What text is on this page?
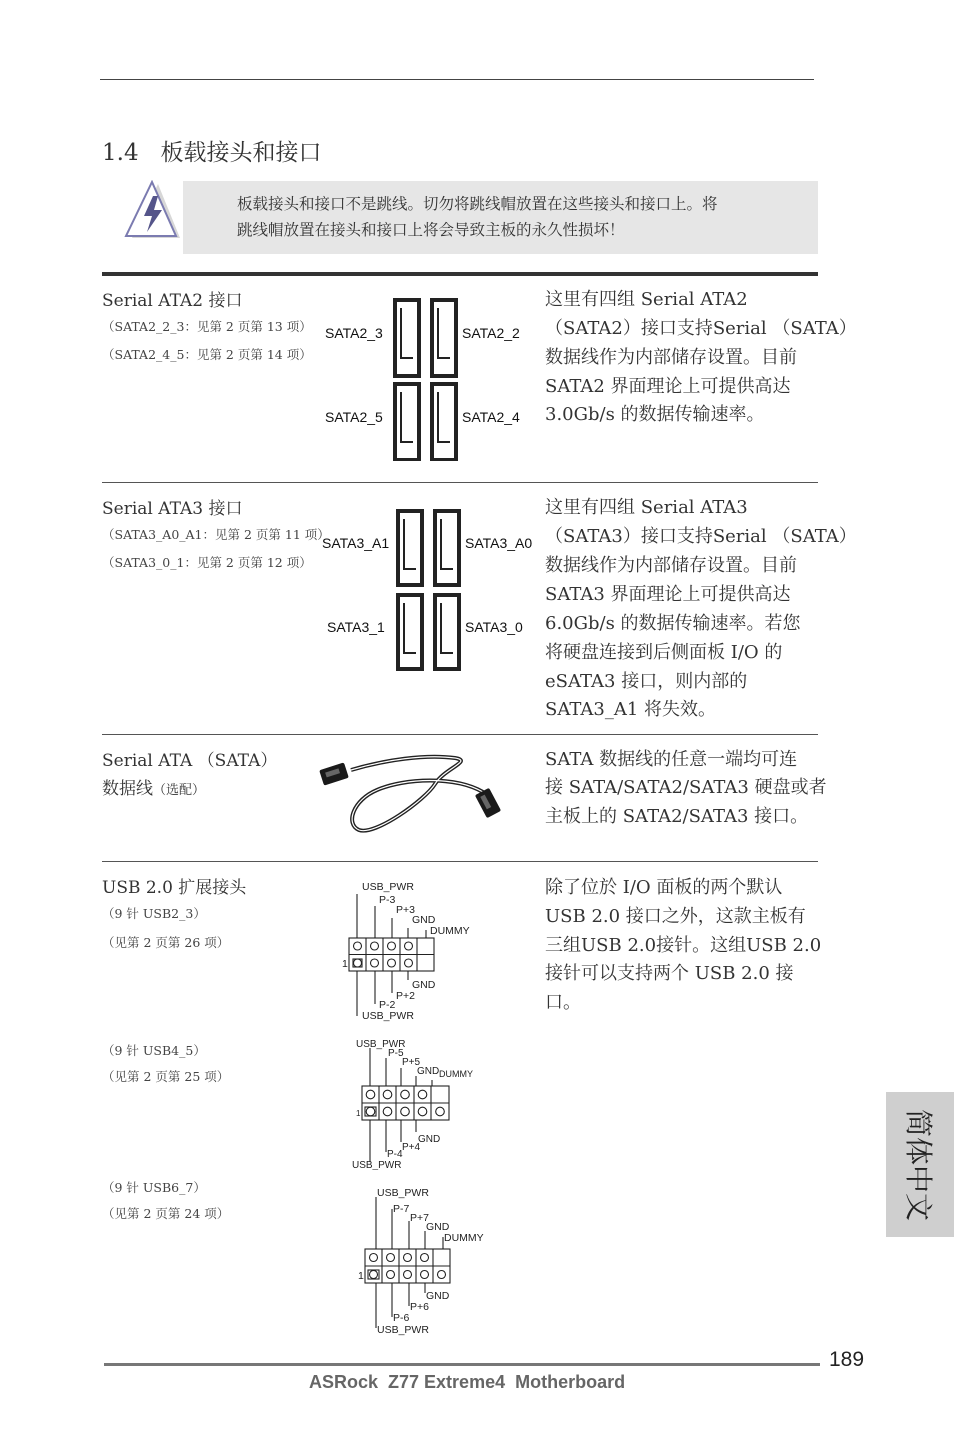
1.4 板载接头和接口
板载接头和接口不是跳线。切勿将跳线帽放置在这些接头和接口上。将
跳线帽放置在接头和接口上将会导致主板的永久性损坏！
Serial ATA2 接口
（SATA2_2_3：见第 2 页第 13 项）
（SATA2_4_5：见第 2 页第 14 项）
SATA2_3	SATA2_2
SATA2_5	SATA2_4
这里有四组 Serial ATA2
（SATA2）接口支持Serial （SATA）
数据线作为内部储存设置。目前
SATA2 界面理论上可提供高达
3.0Gb/s 的数据传输速率。
Serial ATA3 接口
（SATA3_A0_A1：见第 2 页第 11 项）
（SATA3_0_1：见第 2 页第 12 项）
SATA3_A1	SATA3_A0
SATA3_1	SATA3_0
这里有四组 Serial ATA3
（SATA3）接口支持Serial （SATA）
数据线作为内部储存设置。目前
SATA3 界面理论上可提供高达
6.0Gb/s 的数据传输速率。若您
将硬盘连接到后侧面板 I/O 的
eSATA3 接口，则内部的
SATA3_A1 将失效。
Serial ATA （SATA）
数据线（选配）
SATA 数据线的任意一端均可连
接 SATA/SATA2/SATA3 硬盘或者
主板上的 SATA2/SATA3 接口。
USB 2.0 扩展接头
（9 针 USB2_3）
（见第 2 页第 26 项）
（9 针 USB4_5）
（见第 2 页第 25 项）
（9 针 USB6_7）
（见第 2 页第 24 项）
除了位於 I/O 面板的两个默认
USB 2.0 接口之外，这款主板有
三组USB 2.0接针。这组USB 2.0
接针可以支持两个 USB 2.0 接
口。
USB_PWR
P-3
P+3
GND
DUMMY
GND
P+2
P-2
USB_PWR
1
USB_PWR
P-5
P+5
GND DUMMY
GND
P+4
P-4
USB_PWR
1
USB_PWR
P-7
P+7
GND
DUMMY
GND
P+6
P-6
USB_PWR
1
简体中文
189
ASRock  Z77 Extreme4  Motherboard
